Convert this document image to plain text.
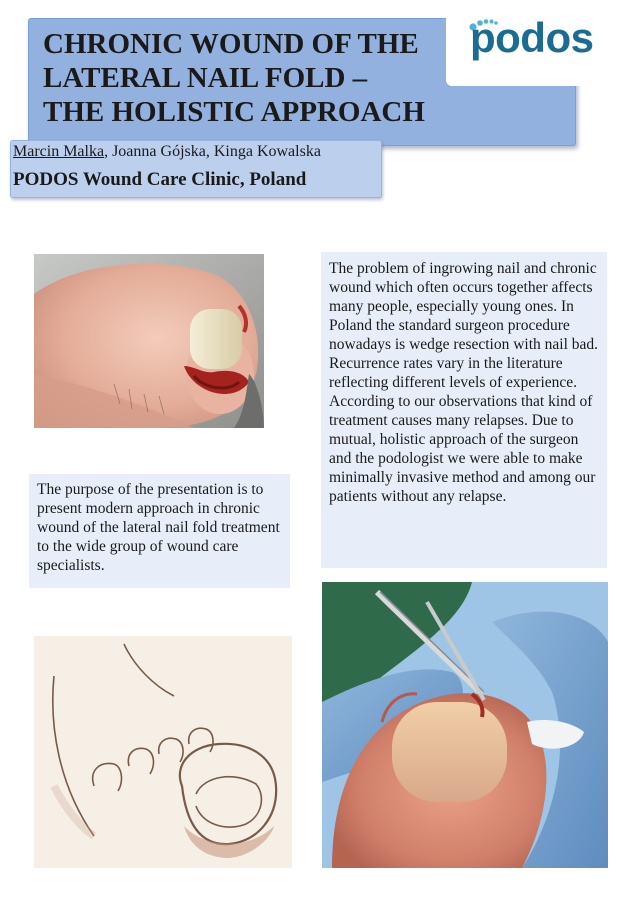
CHRONIC WOUND OF THE
LATERAL NAIL FOLD –
THE HOLISTIC APPROACH
podos
Marcin Malka, Joanna Gójska, Kinga Kowalska
PODOS Wound Care Clinic, Poland

The purpose of the presentation is to present modern approach in chronic wound of the lateral nail fold treatment to the wide group of wound care specialists.

The problem of ingrowing nail and chronic wound which often occurs together affects many people, especially young ones. In Poland the standard surgeon procedure nowadays is wedge resection with nail bad. Recurrence rates vary in the literature reflecting different levels of experience. According to our observations that kind of treatment causes many relapses. Due to mutual, holistic approach of the surgeon and the podologist we were able to make minimally invasive method and among our patients without any relapse.
